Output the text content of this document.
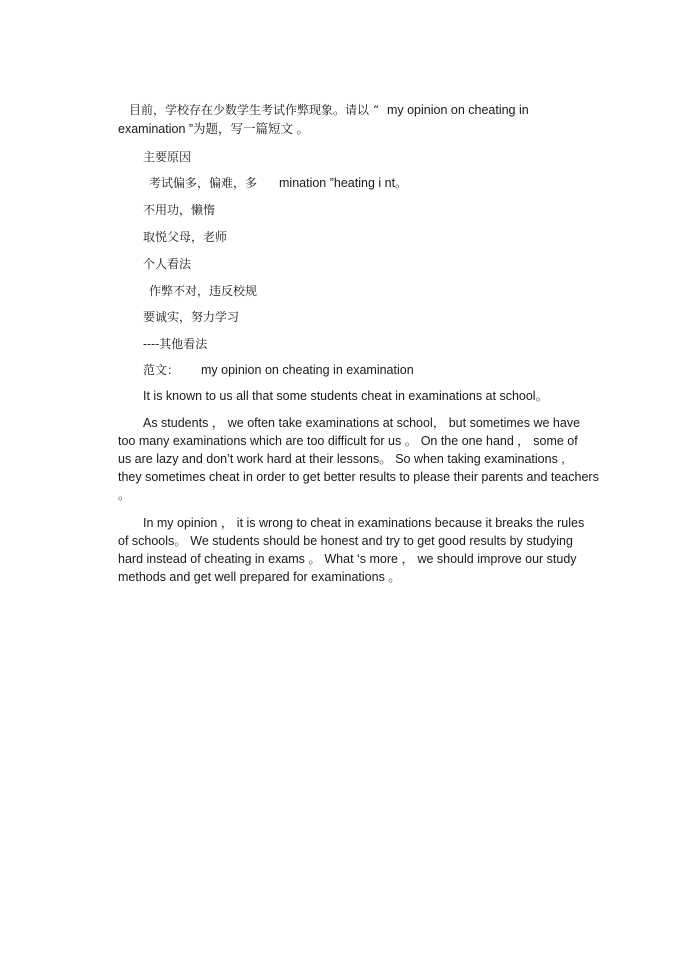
目前，学校存在少数学生考试作弊现象。请以 “ my opinion on cheating in

examination ”为题，写一篇短文 。

主要原因

考试偏多，偏难，多 mination ”heating i nt。

不用功，懒惰

取悦父母，老师

个人看法

作弊不对，违反校规

要诚实，努力学习

----其他看法

范文： my opinion on cheating in examination

It is known to us all that some students cheat in examinations at school。

As students ， we often take examinations at school， but sometimes we have

too many examinations which are too difficult for us 。 On the one hand ， some of

us are lazy and don’t work hard at their lessons。 So when taking examinations ,

they sometimes cheat in order to get better results to please their parents and teachers

。

In my opinion ， it is wrong to cheat in examinations because it breaks the rules

of schools。 We students should be honest and try to get good results by studying

hard instead of cheating in exams 。 What ‘s more ， we should improve our study

methods and get well prepared for examinations 。
